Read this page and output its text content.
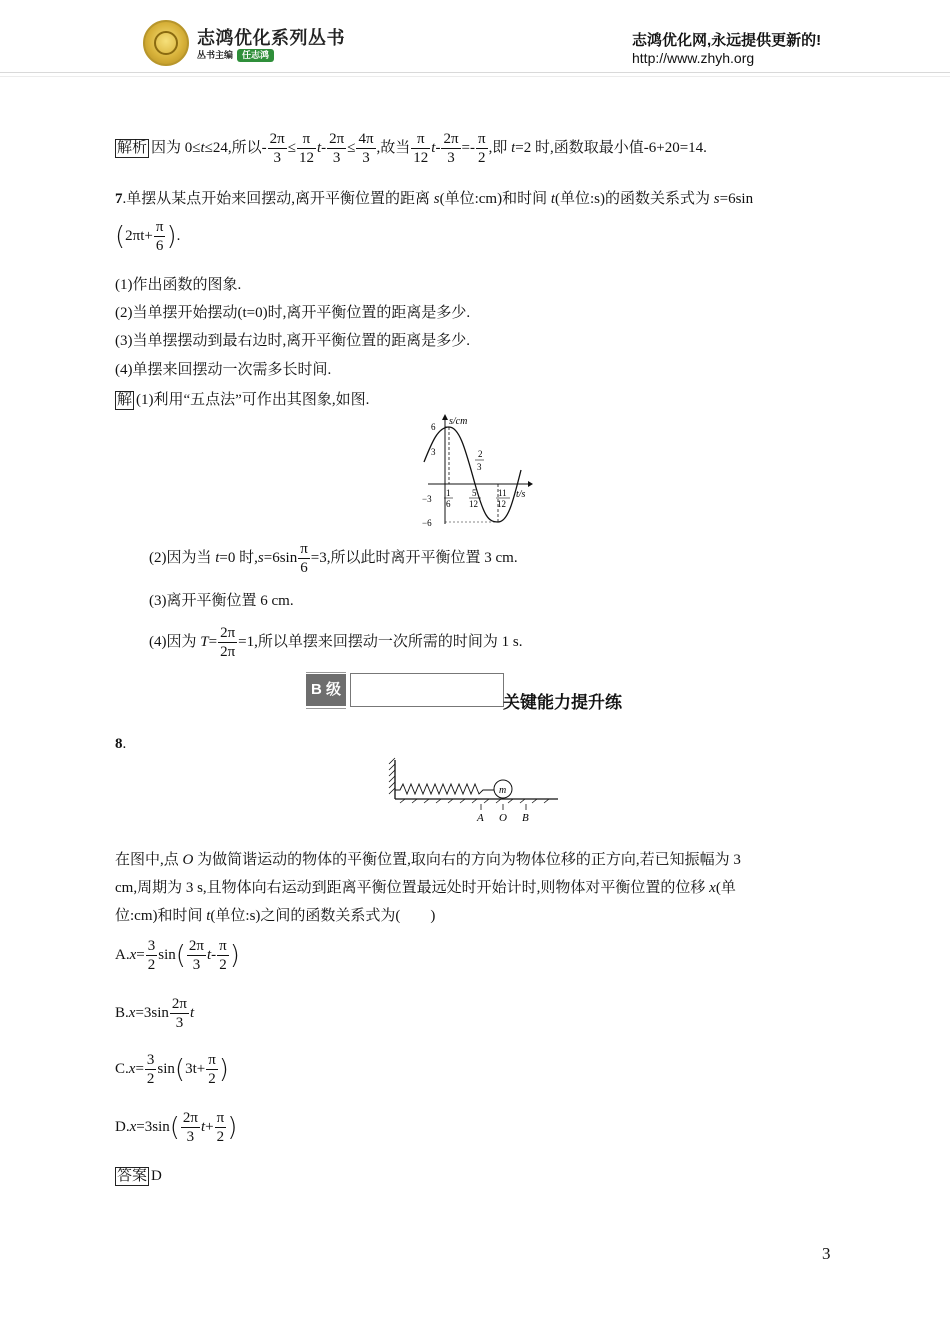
志鸿优化系列丛书
丛书主编 任志鸿
志鸿优化网,永远提供更新的!
http://www.zhyh.org
解析 因为 0≤t≤24,所以- $\frac{2\pi}{3} \le \frac{\pi}{12} t- \frac{2\pi}{3} \le \frac{4\pi}{3}$ ,故当 $\frac{\pi}{12} t- \frac{2\pi}{3} =- \frac{\pi}{2}$ ,即 t=2 时,函数取最小值-6+20=14.
7.单摆从某点开始来回摆动,离开平衡位置的距离 s(单位:cm)和时间 t(单位:s)的函数关系式为 s=6sin
($2\pi t+ \frac{\pi}{6}$ ).
(1)作出函数的图象.
(2)当单摆开始摆动(t=0)时,离开平衡位置的距离是多少.
(3)当单摆摆动到最右边时,离开平衡位置的距离是多少.
(4)单摆来回摆动一次需多长时间.
解 (1)利用“五点法”可作出其图象,如图.
s/cm
t/s
6
3
−3
−6
1
6
5
12
2
3
11
12
(2)因为当 t=0 时$,s=6\sin \frac{\pi}{6} =3$,所以此时离开平衡位置 3 cm.
(3)离开平衡位置 6 cm.
(4)因为 $T= \frac{2\pi}{2\pi} =1$,所以单摆来回摆动一次所需的时间为 1 s.
B 级
关键能力提升练
8.
m
A O B
在图中,点 O 为做简谐运动的物体的平衡位置,取向右的方向为物体位移的正方向,若已知振幅为 3
cm,周期为 3 s,且物体向右运动到距离平衡位置最远处时开始计时,则物体对平衡位置的位移 x(单
位:cm)和时间 t(单位:s)之间的函数关系式为(　　)
$A.x= \frac{3}{2} \sin( \frac{2\pi}{3} t- \frac{\pi}{2}$ )
$B.x=3\sin \frac{2\pi}{3}$ t
$C.x= \frac{3}{2} \sin(3t+ \frac{\pi}{2}$ )
$D.x=3\sin( \frac{2\pi}{3} t+ \frac{\pi}{2}$ )
答案 D
3
